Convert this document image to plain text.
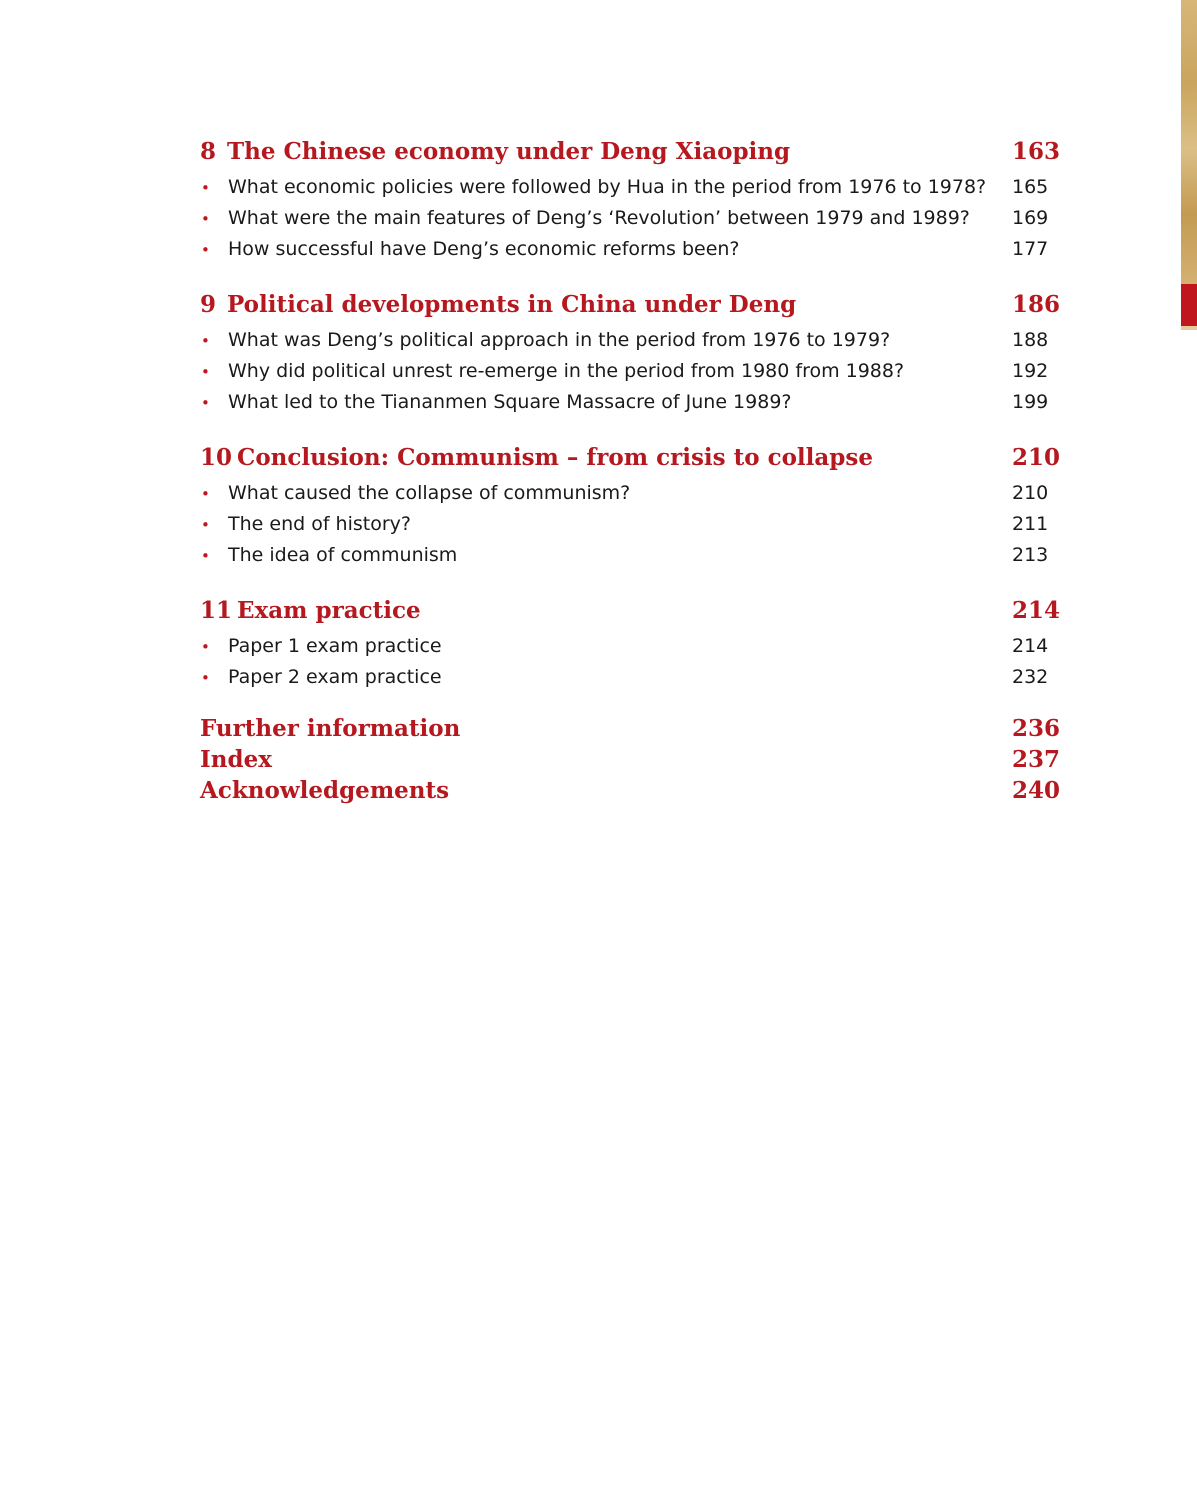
8 The Chinese economy under Deng Xiaoping	163
• What economic policies were followed by Hua in the period from 1976 to 1978? 165
• What were the main features of Deng’s ‘Revolution’ between 1979 and 1989? 169
• How successful have Deng’s economic reforms been?	177
9 Political developments in China under Deng	186
• What was Deng’s political approach in the period from 1976 to 1979?	188
• Why did political unrest re-emerge in the period from 1980 from 1988?	192
• What led to the Tiananmen Square Massacre of June 1989?	199
10 Conclusion: Communism – from crisis to collapse	210
• What caused the collapse of communism?	210
• The end of history?	211
• The idea of communism	213
11 Exam practice	214
• Paper 1 exam practice	214
• Paper 2 exam practice	232
Further information	236
Index	237
Acknowledgements	240
